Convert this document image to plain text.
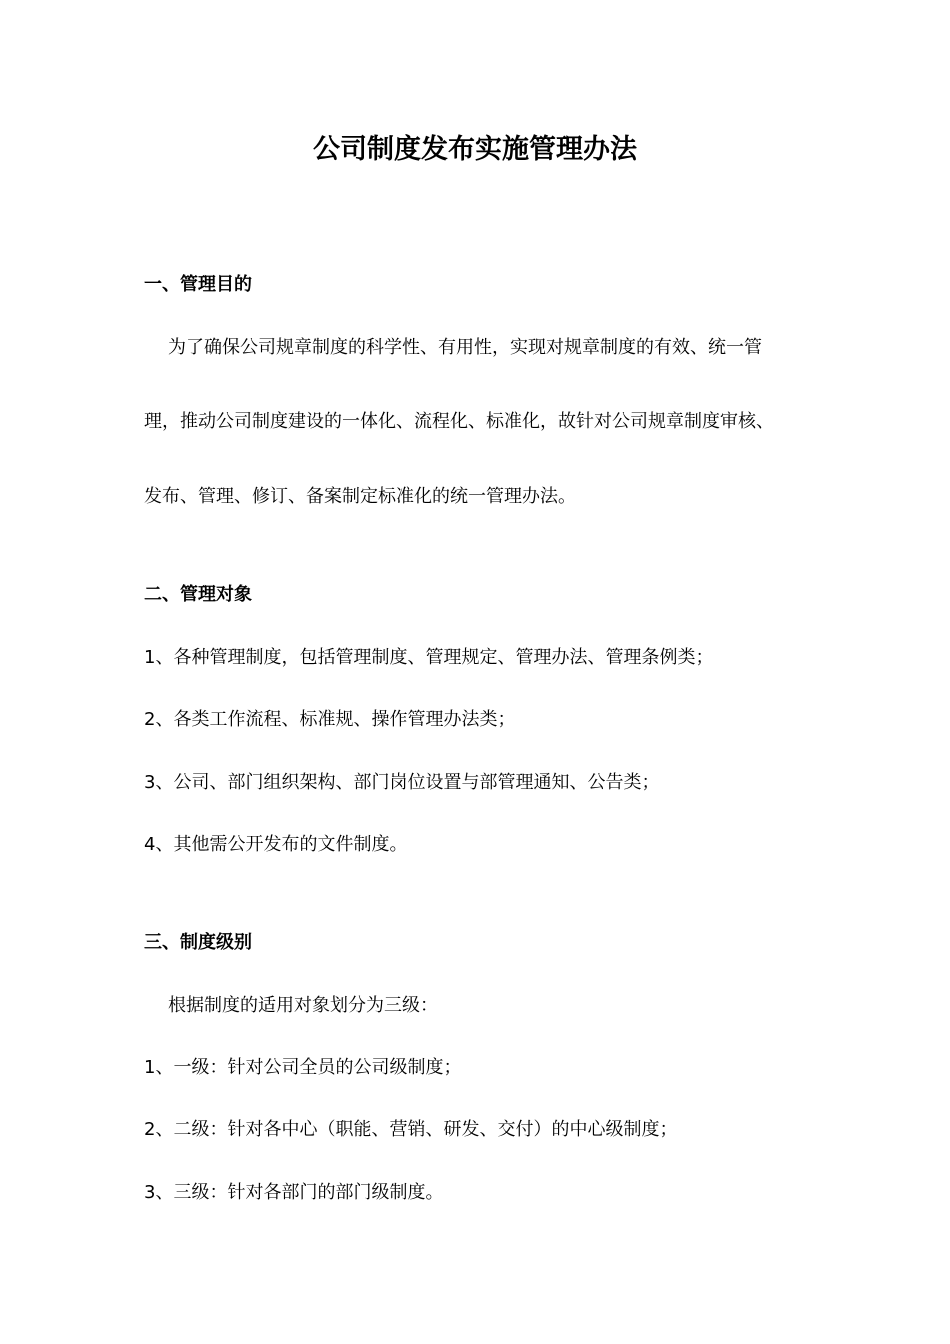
公司制度发布实施管理办法
一、管理目的
为了确保公司规章制度的科学性、有用性，实现对规章制度的有效、统一管
理，推动公司制度建设的一体化、流程化、标准化，故针对公司规章制度审核、
发布、管理、修订、备案制定标准化的统一管理办法。
二、管理对象
1、各种管理制度，包括管理制度、管理规定、管理办法、管理条例类；
2、各类工作流程、标准规、操作管理办法类；
3、公司、部门组织架构、部门岗位设置与部管理通知、公告类；
4、其他需公开发布的文件制度。
三、制度级别
根据制度的适用对象划分为三级：
1、一级：针对公司全员的公司级制度；
2、二级：针对各中心（职能、营销、研发、交付）的中心级制度；
3、三级：针对各部门的部门级制度。
